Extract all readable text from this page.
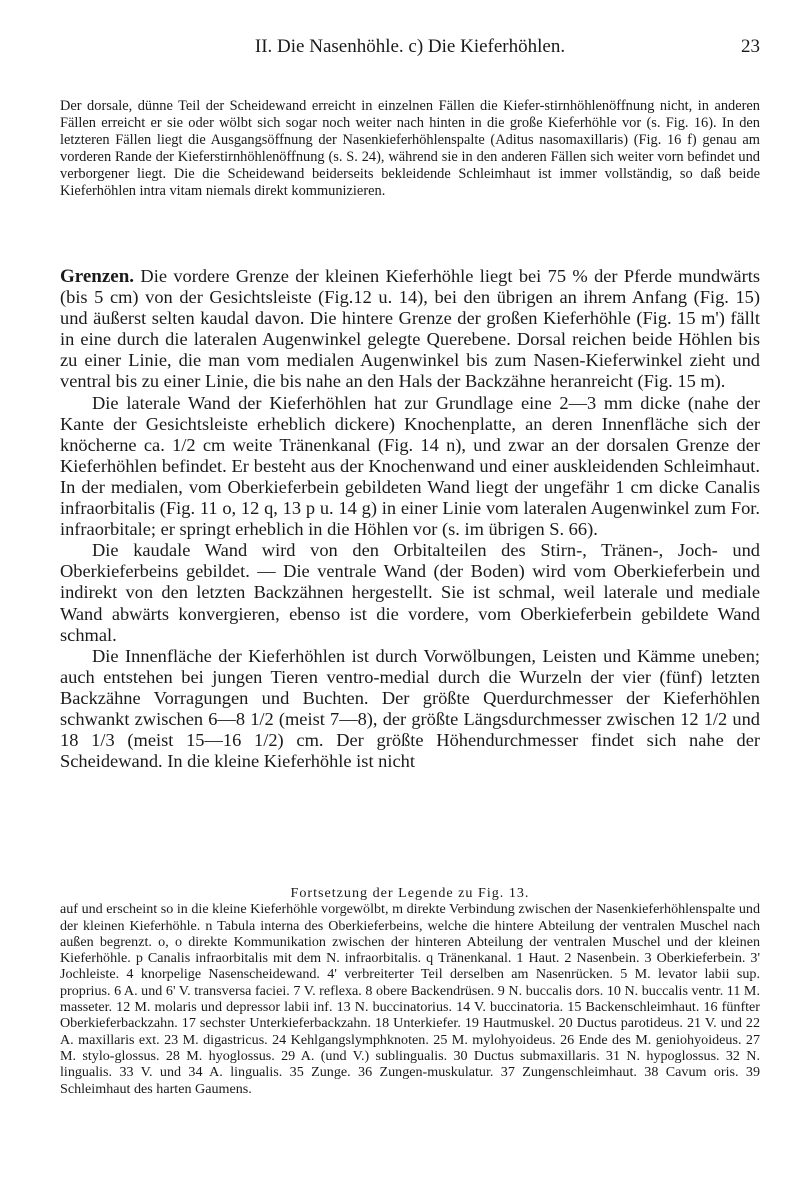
II. Die Nasenhöhle. c) Die Kieferhöhlen.	23

Der dorsale, dünne Teil der Scheidewand erreicht in einzelnen Fällen die Kiefer-stirnhöhlenöffnung nicht, in anderen Fällen erreicht er sie oder wölbt sich sogar noch weiter nach hinten in die große Kieferhöhle vor (s. Fig. 16). In den letzteren Fällen liegt die Ausgangsöffnung der Nasenkieferhöhlenspalte (Aditus nasomaxillaris) (Fig. 16 f) genau am vorderen Rande der Kieferstirnhöhlenöffnung (s. S. 24), während sie in den anderen Fällen sich weiter vorn befindet und verborgener liegt. Die die Scheidewand beiderseits bekleidende Schleimhaut ist immer vollständig, so daß beide Kieferhöhlen intra vitam niemals direkt kommunizieren.

Grenzen. Die vordere Grenze der kleinen Kieferhöhle liegt bei 75 % der Pferde mundwärts (bis 5 cm) von der Gesichtsleiste (Fig.12 u. 14), bei den übrigen an ihrem Anfang (Fig. 15) und äußerst selten kaudal davon. Die hintere Grenze der großen Kieferhöhle (Fig. 15 m') fällt in eine durch die lateralen Augenwinkel gelegte Querebene. Dorsal reichen beide Höhlen bis zu einer Linie, die man vom medialen Augenwinkel bis zum Nasen-Kieferwinkel zieht und ventral bis zu einer Linie, die bis nahe an den Hals der Backzähne heranreicht (Fig. 15 m).

Die laterale Wand der Kieferhöhlen hat zur Grundlage eine 2—3 mm dicke (nahe der Kante der Gesichtsleiste erheblich dickere) Knochenplatte, an deren Innenfläche sich der knöcherne ca. 1/2 cm weite Tränenkanal (Fig. 14 n), und zwar an der dorsalen Grenze der Kieferhöhlen befindet. Er besteht aus der Knochenwand und einer auskleidenden Schleimhaut. In der medialen, vom Oberkieferbein gebildeten Wand liegt der ungefähr 1 cm dicke Canalis infraorbitalis (Fig. 11 o, 12 q, 13 p u. 14 g) in einer Linie vom lateralen Augenwinkel zum For. infraorbitale; er springt erheblich in die Höhlen vor (s. im übrigen S. 66).

Die kaudale Wand wird von den Orbitalteilen des Stirn-, Tränen-, Joch- und Oberkieferbeins gebildet. — Die ventrale Wand (der Boden) wird vom Oberkieferbein und indirekt von den letzten Backzähnen hergestellt. Sie ist schmal, weil laterale und mediale Wand abwärts konvergieren, ebenso ist die vordere, vom Oberkieferbein gebildete Wand schmal.

Die Innenfläche der Kieferhöhlen ist durch Vorwölbungen, Leisten und Kämme uneben; auch entstehen bei jungen Tieren ventro-medial durch die Wurzeln der vier (fünf) letzten Backzähne Vorragungen und Buchten. Der größte Querdurchmesser der Kieferhöhlen schwankt zwischen 6—8 1/2 (meist 7—8), der größte Längsdurchmesser zwischen 12 1/2 und 18 1/3 (meist 15—16 1/2) cm. Der größte Höhendurchmesser findet sich nahe der Scheidewand. In die kleine Kieferhöhle ist nicht

Fortsetzung der Legende zu Fig. 13.

auf und erscheint so in die kleine Kieferhöhle vorgewölbt, m direkte Verbindung zwischen der Nasenkieferhöhlenspalte und der kleinen Kieferhöhle. n Tabula interna des Oberkieferbeins, welche die hintere Abteilung der ventralen Muschel nach außen begrenzt. o, o direkte Kommunikation zwischen der hinteren Abteilung der ventralen Muschel und der kleinen Kieferhöhle. p Canalis infraorbitalis mit dem N. infraorbitalis. q Tränenkanal. 1 Haut. 2 Nasenbein. 3 Oberkieferbein. 3' Jochleiste. 4 knorpelige Nasenscheidewand. 4' verbreiterter Teil derselben am Nasenrücken. 5 M. levator labii sup. proprius. 6 A. und 6' V. transversa faciei. 7 V. reflexa. 8 obere Backendrüsen. 9 N. buccalis dors. 10 N. buccalis ventr. 11 M. masseter. 12 M. molaris und depressor labii inf. 13 N. buccinatorius. 14 V. buccinatoria. 15 Backenschleimhaut. 16 fünfter Oberkieferbackzahn. 17 sechster Unterkieferbackzahn. 18 Unterkiefer. 19 Hautmuskel. 20 Ductus parotideus. 21 V. und 22 A. maxillaris ext. 23 M. digastricus. 24 Kehlgangslymphknoten. 25 M. mylohyoideus. 26 Ende des M. geniohyoideus. 27 M. stylo-glossus. 28 M. hyoglossus. 29 A. (und V.) sublingualis. 30 Ductus submaxillaris. 31 N. hypoglossus. 32 N. lingualis. 33 V. und 34 A. lingualis. 35 Zunge. 36 Zungen-muskulatur. 37 Zungenschleimhaut. 38 Cavum oris. 39 Schleimhaut des harten Gaumens.
